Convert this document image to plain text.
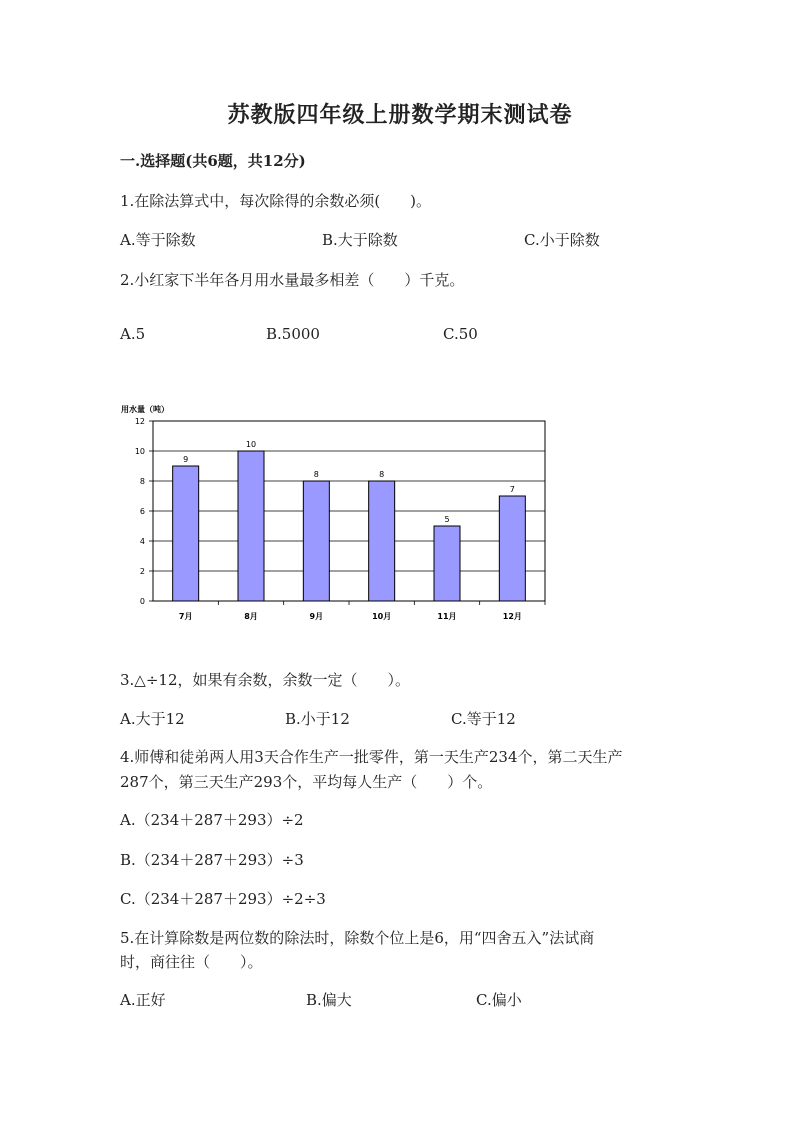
苏教版四年级上册数学期末测试卷
一.选择题(共6题，共12分)
1.在除法算式中，每次除得的余数必须(　　)。
A.等于除数	B.大于除数	C.小于除数
2.小红家下半年各月用水量最多相差（　　）千克。
A.5	B.5000	C.50
用水量（吨）
0
2
4
6
8
10
12
9
10
8	8
5
7
7月	8月	9月	10月	11月	12月
3.△÷12，如果有余数，余数一定（　　）。
A.大于12	B.小于12	C.等于12
4.师傅和徒弟两人用3天合作生产一批零件，第一天生产234个，第二天生产
287个，第三天生产293个，平均每人生产（　　）个。
A.（234＋287＋293）÷2
B.（234＋287＋293）÷3
C.（234＋287＋293）÷2÷3
5.在计算除数是两位数的除法时，除数个位上是6，用“四舍五入”法试商
时，商往往（　　）。
A.正好	B.偏大	C.偏小
